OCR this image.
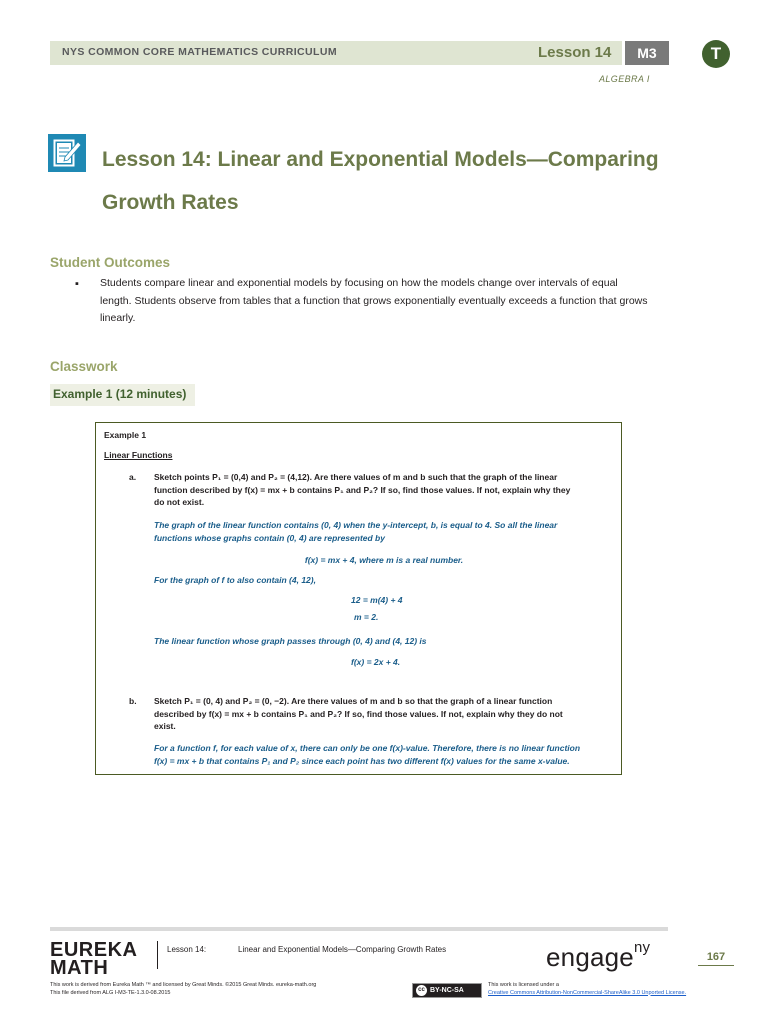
NYS COMMON CORE MATHEMATICS CURRICULUM	Lesson 14	M3	T
ALGEBRA I
Lesson 14: Linear and Exponential Models—Comparing
Growth Rates
Student Outcomes
▪ Students compare linear and exponential models by focusing on how the models change over intervals of equal length. Students observe from tables that a function that grows exponentially eventually exceeds a function that grows linearly.
Classwork
Example 1 (12 minutes)
Example 1
Linear Functions
a. Sketch points P₁ = (0,4) and P₂ = (4,12). Are there values of m and b such that the graph of the linear
function described by f(x) = mx + b contains P₁ and P₂? If so, find those values. If not, explain why they
do not exist.
The graph of the linear function contains (0, 4) when the y-intercept, b, is equal to 4. So all the linear
functions whose graphs contain (0, 4) are represented by
f(x) = mx + 4, where m is a real number.
For the graph of f to also contain (4, 12),
12 = m(4) + 4
m = 2.
The linear function whose graph passes through (0, 4) and (4, 12) is
f(x) = 2x + 4.
b. Sketch P₁ = (0, 4) and P₂ = (0, −2). Are there values of m and b so that the graph of a linear function
described by f(x) = mx + b contains P₁ and P₂? If so, find those values. If not, explain why they do not
exist.
For a function f, for each value of x, there can only be one f(x)-value. Therefore, there is no linear function
f(x) = mx + b that contains P₁ and P₂ since each point has two different f(x) values for the same x-value.
EUREKA
MATH
Lesson 14:	Linear and Exponential Models—Comparing Growth Rates	engage$^{ny}$
167
This work is derived from Eureka Math ™ and licensed by Great Minds. ©2015 Great Minds. eureka-math.org
This file derived from ALG I-M3-TE-1.3.0-08.2015	cc BY-NC-SA
This work is licensed under a
Creative Commons Attribution-NonCommercial-ShareAlike 3.0 Unported License.
